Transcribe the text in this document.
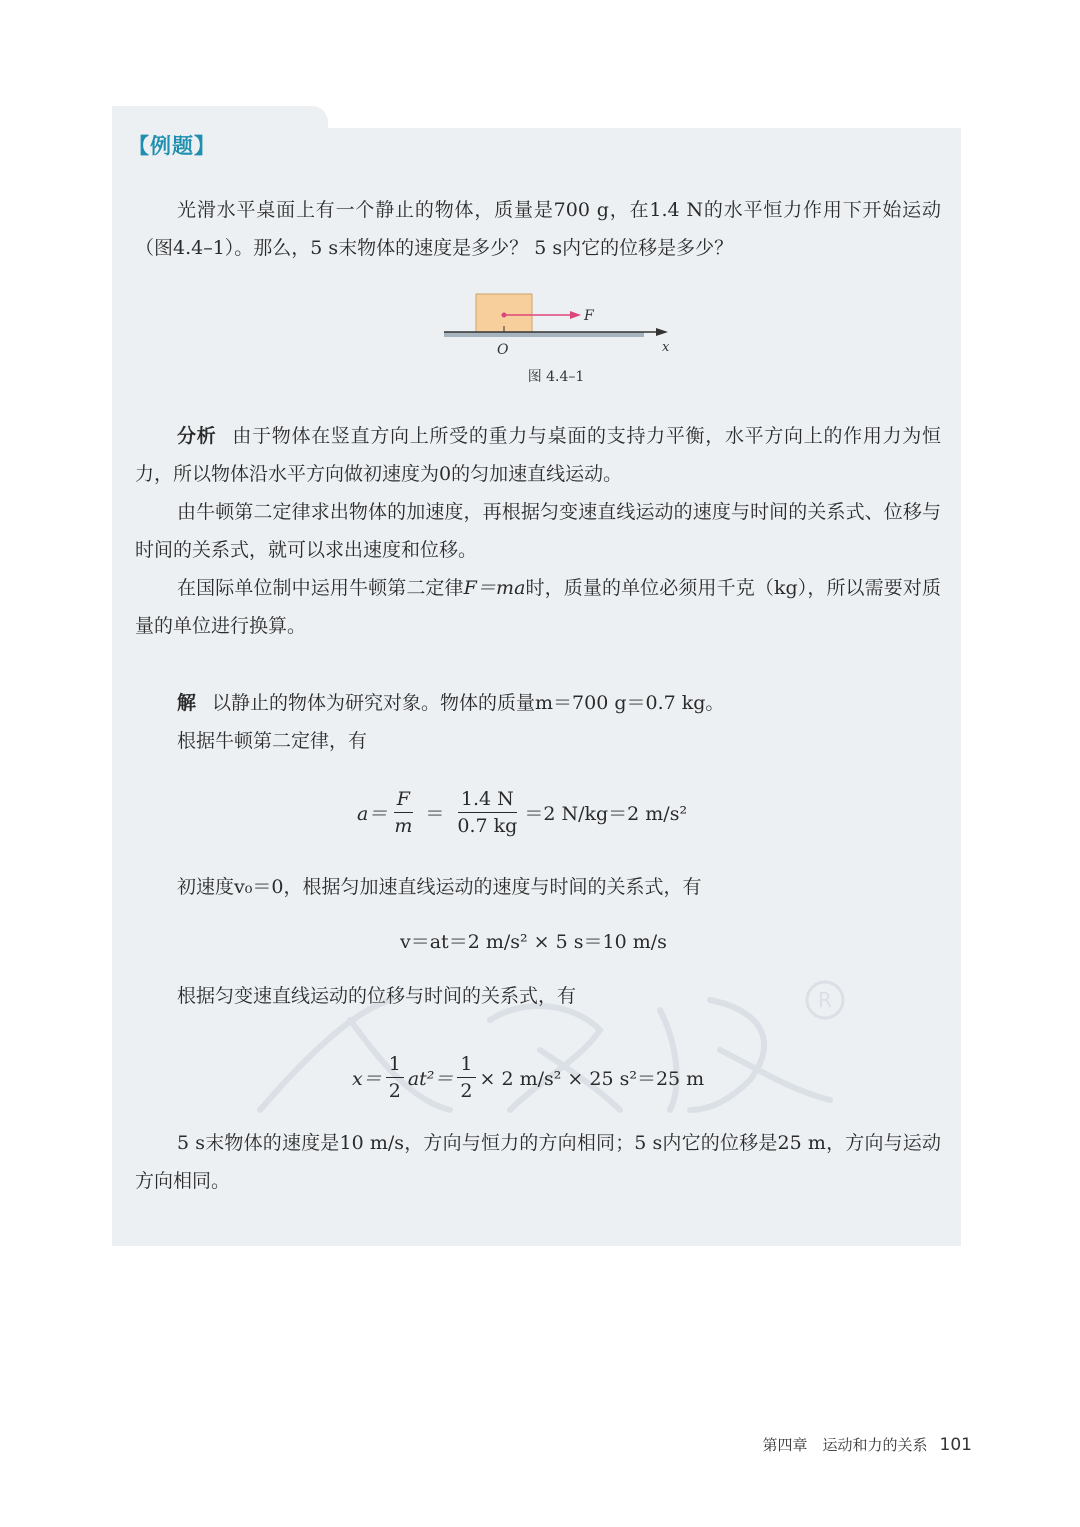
【例题】

光滑水平桌面上有一个静止的物体，质量是700 g，在1.4 N的水平恒力作用下开始运动（图4.4–1）。那么，5 s末物体的速度是多少？ 5 s内它的位移是多少？

F
O	x
图 4.4–1

分析 由于物体在竖直方向上所受的重力与桌面的支持力平衡，水平方向上的作用力为恒力，所以物体沿水平方向做初速度为0的匀加速直线运动。

由牛顿第二定律求出物体的加速度，再根据匀变速直线运动的速度与时间的关系式、位移与时间的关系式，就可以求出速度和位移。

在国际单位制中运用牛顿第二定律F＝ma时，质量的单位必须用千克（kg），所以需要对质量的单位进行换算。

解 以静止的物体为研究对象。物体的质量m＝700 g＝0.7 kg。
根据牛顿第二定律，有
$a= \frac{F}{m} = \frac{1.4 N}{0.7 kg} =2$ N/kg＝2 m/s²
初速度v₀＝0，根据匀加速直线运动的速度与时间的关系式，有
v＝at＝2 m/s² × 5 s＝10 m/s
根据匀变速直线运动的位移与时间的关系式，有	R
$x= \frac{1}{2} at^2= \frac{1}{2} \times 2$ m/s² × 25 s²＝25 m

5 s末物体的速度是10 m/s，方向与恒力的方向相同；5 s内它的位移是25 m，方向与运动方向相同。

第四章　运动和力的关系 101
